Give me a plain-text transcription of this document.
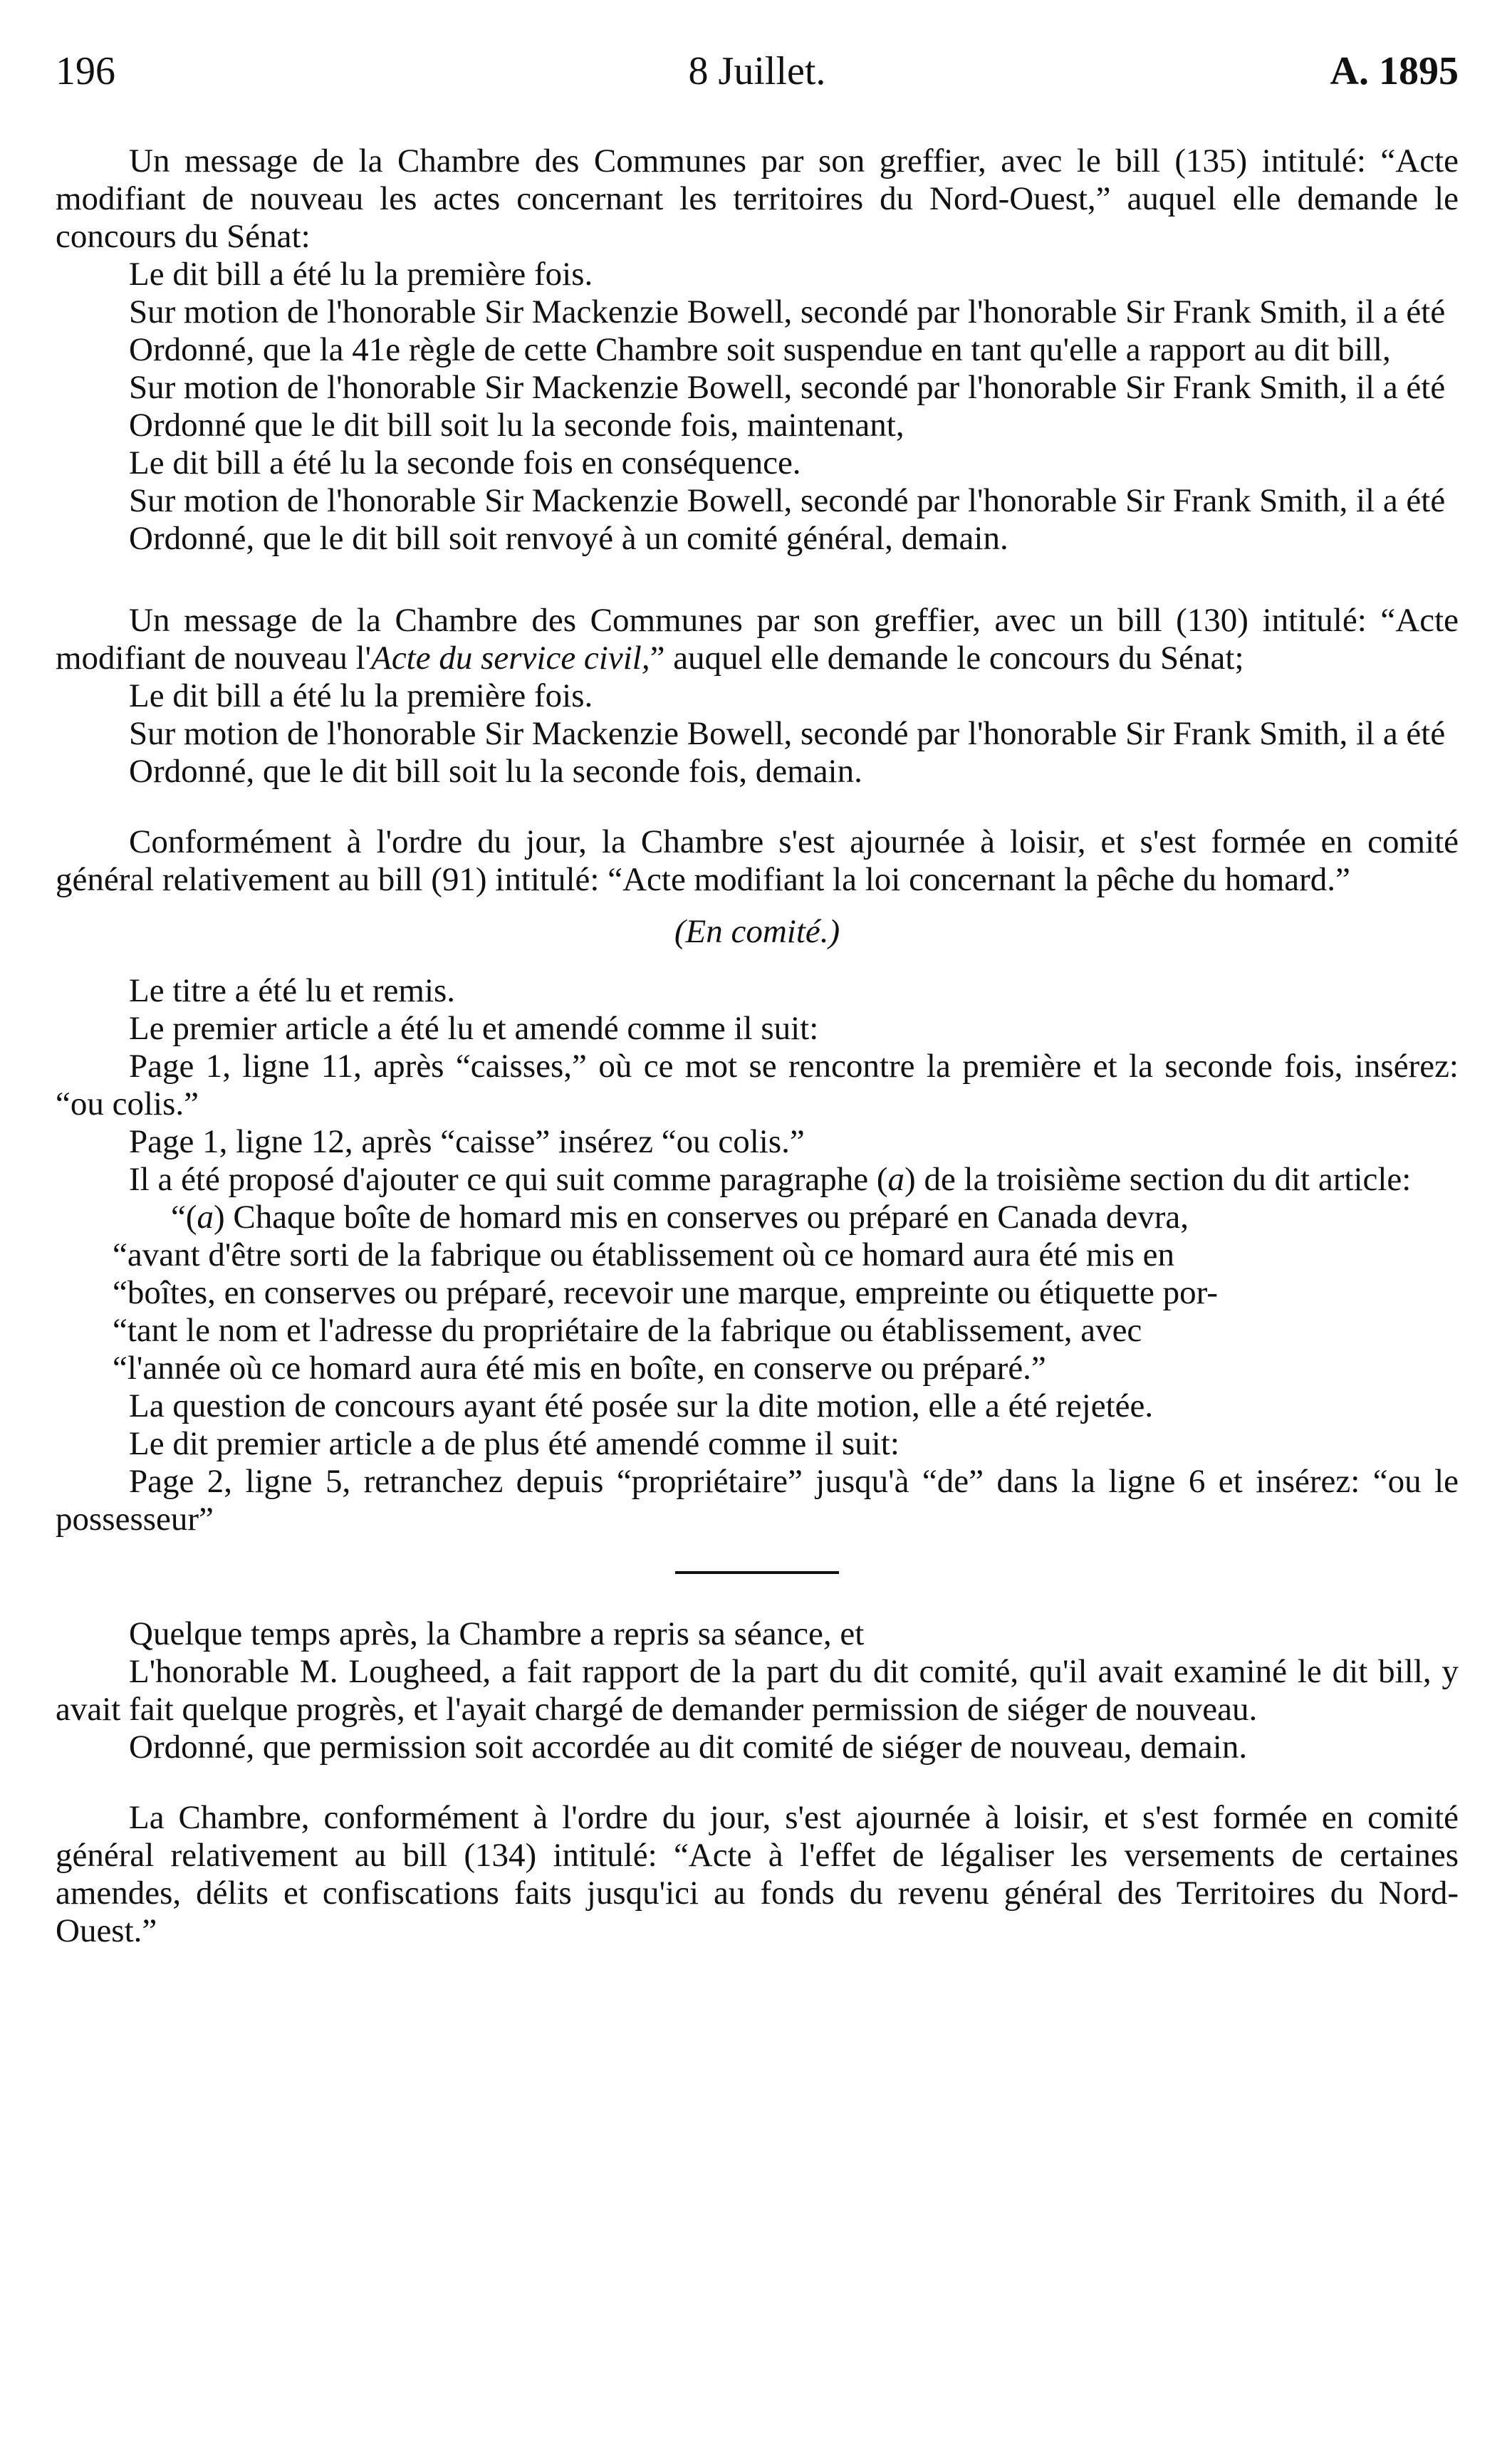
196	8 Juillet.	A. 1895

Un message de la Chambre des Communes par son greffier, avec le bill (135) intitulé: “Acte modifiant de nouveau les actes concernant les territoires du Nord-Ouest,” auquel elle demande le concours du Sénat:

Le dit bill a été lu la première fois.

Sur motion de l'honorable Sir Mackenzie Bowell, secondé par l'honorable Sir Frank Smith, il a été

Ordonné, que la 41e règle de cette Chambre soit suspendue en tant qu'elle a rapport au dit bill,

Sur motion de l'honorable Sir Mackenzie Bowell, secondé par l'honorable Sir Frank Smith, il a été

Ordonné que le dit bill soit lu la seconde fois, maintenant,

Le dit bill a été lu la seconde fois en conséquence.

Sur motion de l'honorable Sir Mackenzie Bowell, secondé par l'honorable Sir Frank Smith, il a été

Ordonné, que le dit bill soit renvoyé à un comité général, demain.

Un message de la Chambre des Communes par son greffier, avec un bill (130) intitulé: “Acte modifiant de nouveau l'Acte du service civil,” auquel elle demande le concours du Sénat;

Le dit bill a été lu la première fois.

Sur motion de l'honorable Sir Mackenzie Bowell, secondé par l'honorable Sir Frank Smith, il a été

Ordonné, que le dit bill soit lu la seconde fois, demain.

Conformément à l'ordre du jour, la Chambre s'est ajournée à loisir, et s'est formée en comité général relativement au bill (91) intitulé: “Acte modifiant la loi concernant la pêche du homard.”

(En comité.)

Le titre a été lu et remis.

Le premier article a été lu et amendé comme il suit:

Page 1, ligne 11, après “caisses,” où ce mot se rencontre la première et la seconde fois, insérez: “ou colis.”

Page 1, ligne 12, après “caisse” insérez “ou colis.”

Il a été proposé d'ajouter ce qui suit comme paragraphe (a) de la troisième section du dit article:

“(a) Chaque boîte de homard mis en conserves ou préparé en Canada devra,

“avant d'être sorti de la fabrique ou établissement où ce homard aura été mis en

“boîtes, en conserves ou préparé, recevoir une marque, empreinte ou étiquette por-

“tant le nom et l'adresse du propriétaire de la fabrique ou établissement, avec

“l'année où ce homard aura été mis en boîte, en conserve ou préparé.”

La question de concours ayant été posée sur la dite motion, elle a été rejetée.

Le dit premier article a de plus été amendé comme il suit:

Page 2, ligne 5, retranchez depuis “propriétaire” jusqu'à “de” dans la ligne 6 et insérez: “ou le possesseur”

Quelque temps après, la Chambre a repris sa séance, et

L'honorable M. Lougheed, a fait rapport de la part du dit comité, qu'il avait examiné le dit bill, y avait fait quelque progrès, et l'ayait chargé de demander permission de siéger de nouveau.

Ordonné, que permission soit accordée au dit comité de siéger de nouveau, demain.

La Chambre, conformément à l'ordre du jour, s'est ajournée à loisir, et s'est formée en comité général relativement au bill (134) intitulé: “Acte à l'effet de légaliser les versements de certaines amendes, délits et confiscations faits jusqu'ici au fonds du revenu général des Territoires du Nord-Ouest.”
